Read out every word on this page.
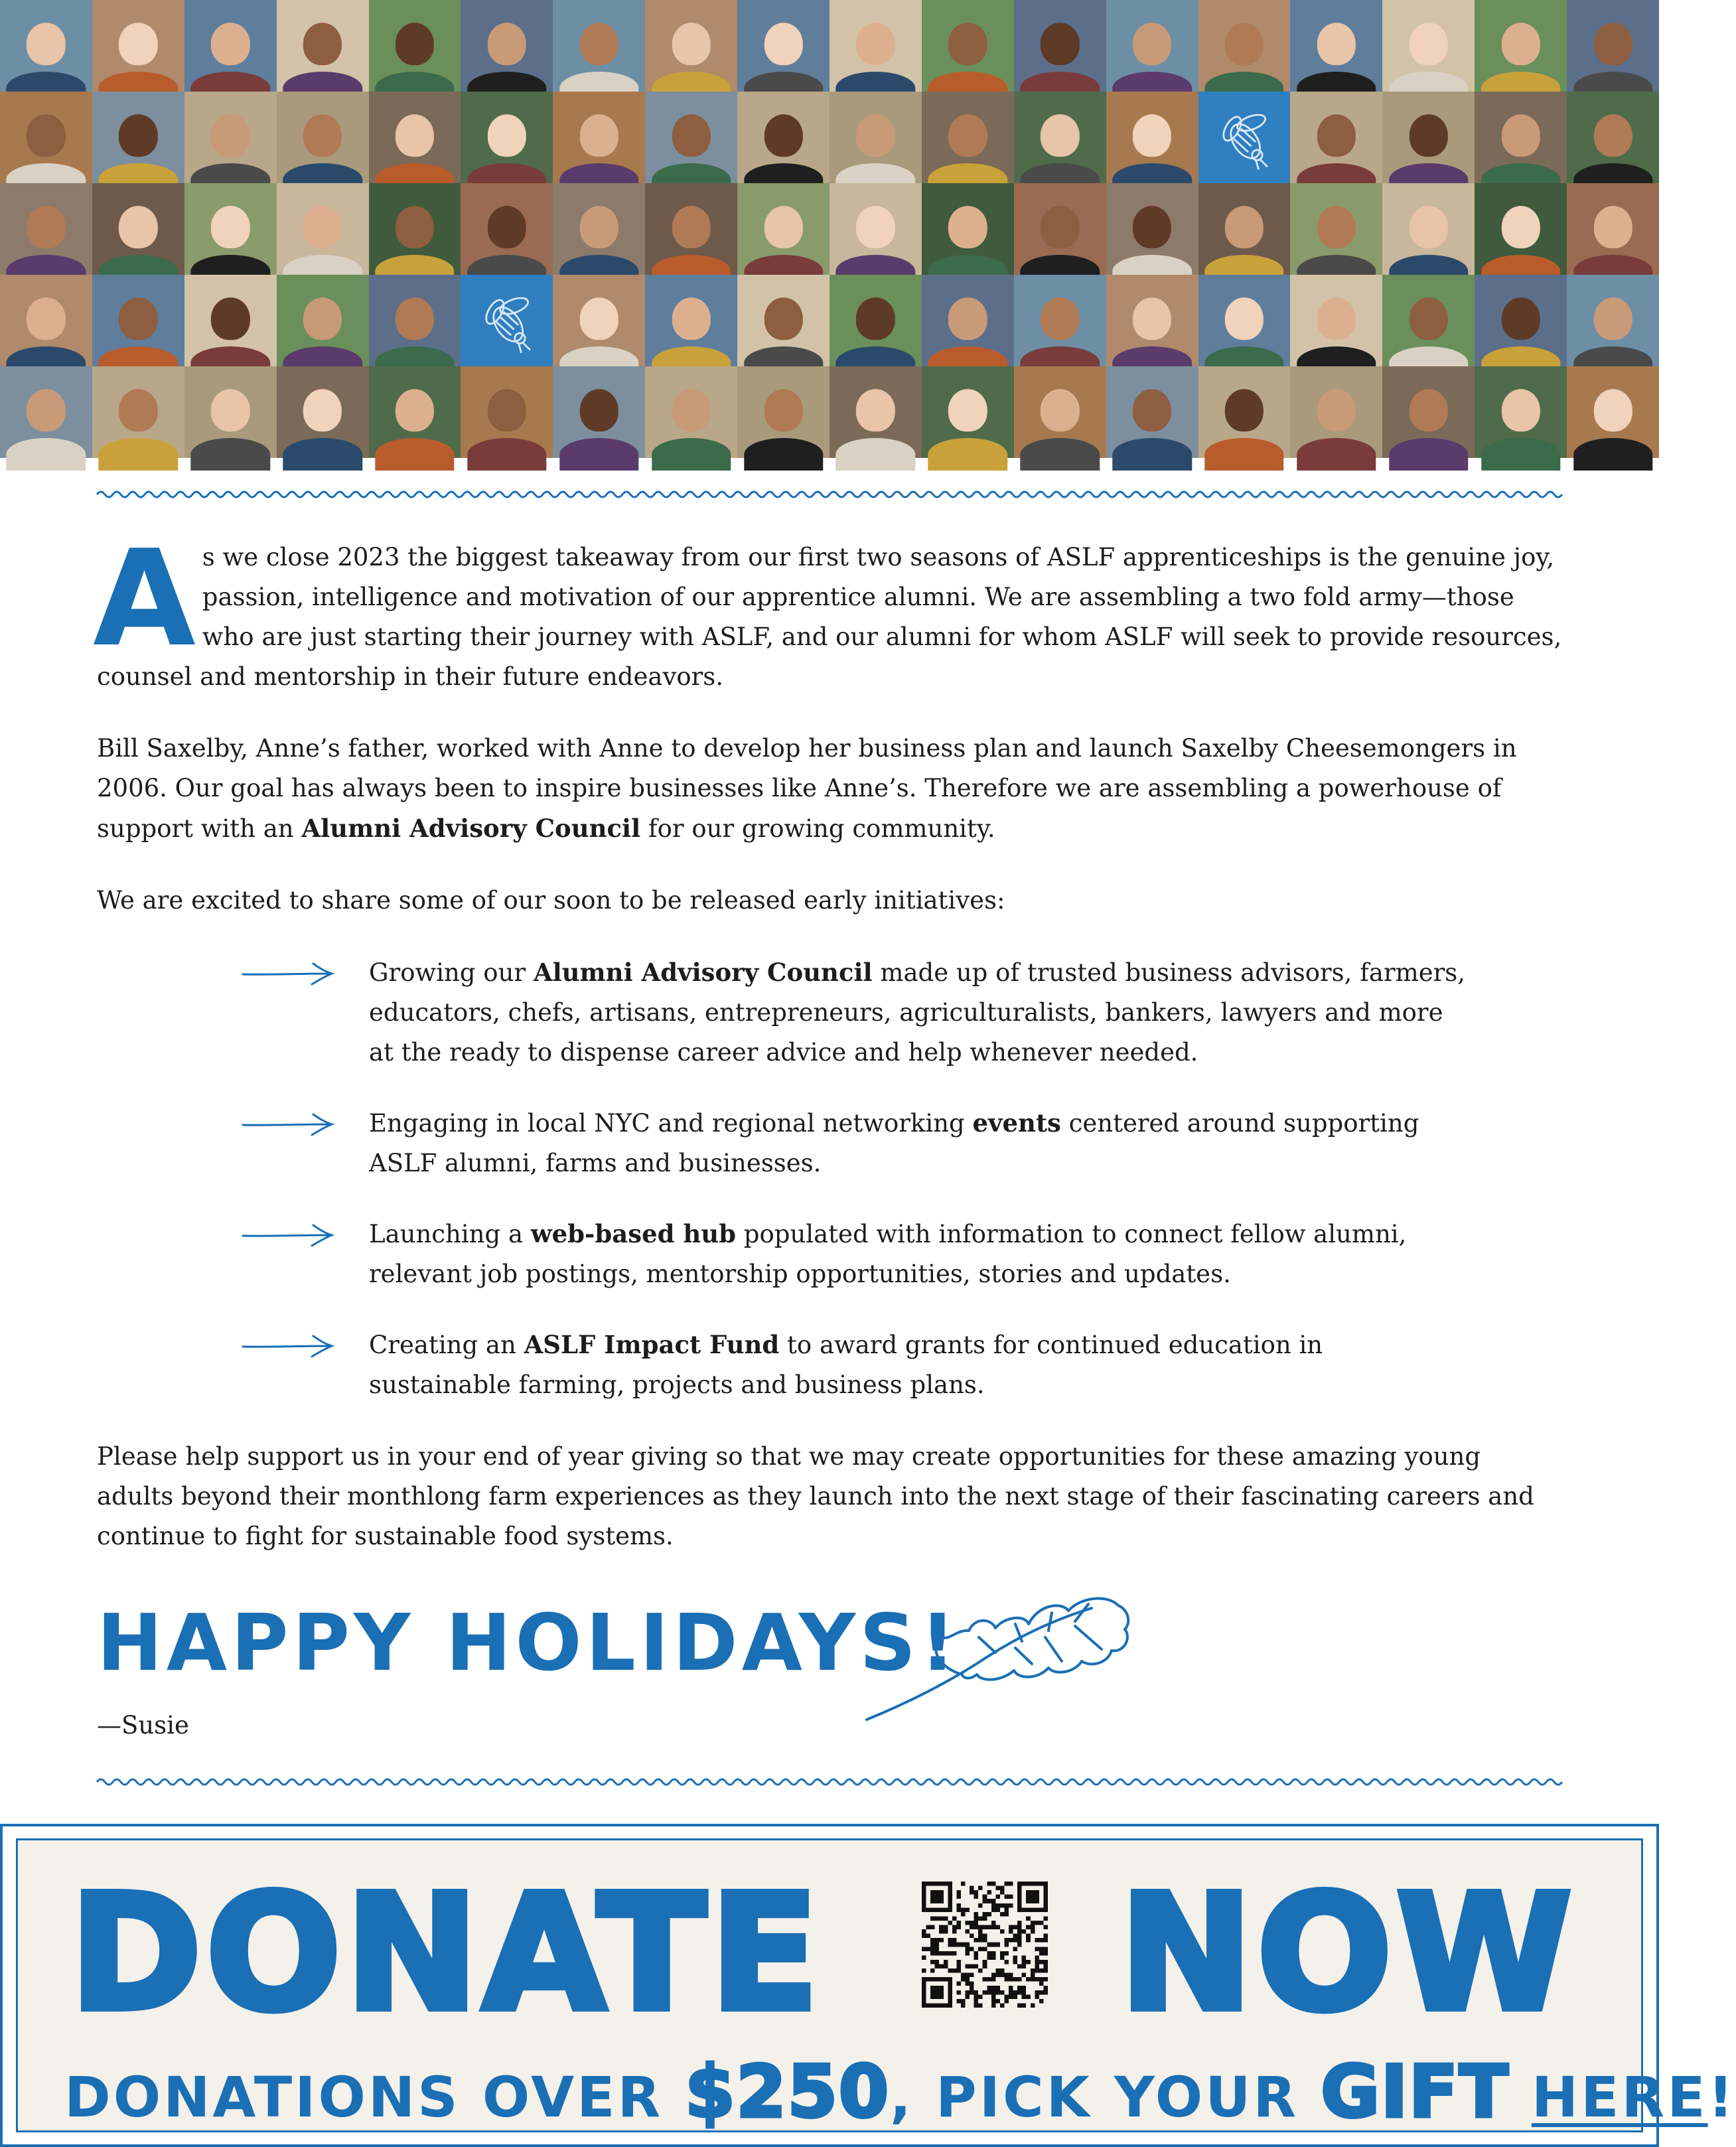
A s we close 2023 the biggest takeaway from our first two seasons of ASLF apprenticeships is the genuine joy, passion, intelligence and motivation of our apprentice alumni. We are assembling a two fold army—those who are just starting their journey with ASLF, and our alumni for whom ASLF will seek to provide resources, counsel and mentorship in their future endeavors.

Bill Saxelby, Anne’s father, worked with Anne to develop her business plan and launch Saxelby Cheesemongers in 2006. Our goal has always been to inspire businesses like Anne’s. Therefore we are assembling a powerhouse of support with an Alumni Advisory Council for our growing community.

We are excited to share some of our soon to be released early initiatives:

Growing our Alumni Advisory Council made up of trusted business advisors, farmers, educators, chefs, artisans, entrepreneurs, agriculturalists, bankers, lawyers and more at the ready to dispense career advice and help whenever needed.
Engaging in local NYC and regional networking events centered around supporting ASLF alumni, farms and businesses.
Launching a web-based hub populated with information to connect fellow alumni, relevant job postings, mentorship opportunities, stories and updates.
Creating an ASLF Impact Fund to award grants for continued education in sustainable farming, projects and business plans.

Please help support us in your end of year giving so that we may create opportunities for these amazing young adults beyond their monthlong farm experiences as they launch into the next stage of their fascinating careers and continue to fight for sustainable food systems.

HAPPY HOLIDAYS!
—Susie
DONATE NOW
DONATIONS OVER $250, PICK YOUR GIFT HERE!
